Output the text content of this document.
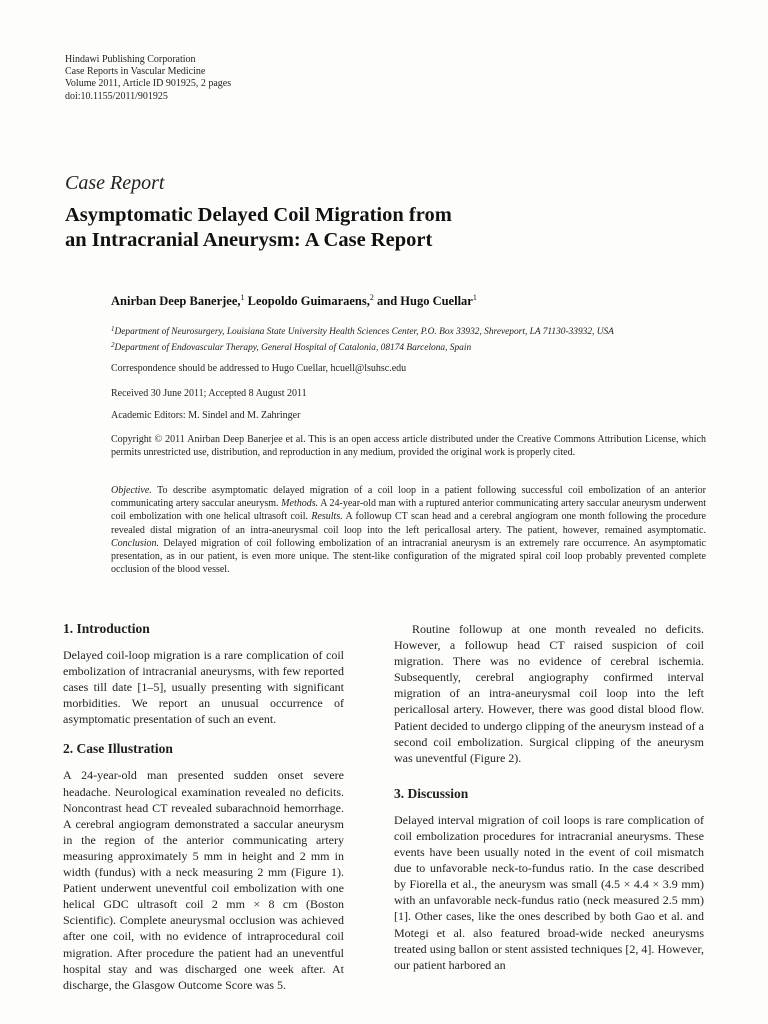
Hindawi Publishing Corporation
Case Reports in Vascular Medicine
Volume 2011, Article ID 901925, 2 pages
doi:10.1155/2011/901925
Case Report
Asymptomatic Delayed Coil Migration from
an Intracranial Aneurysm: A Case Report
Anirban Deep Banerjee,$^1$ Leopoldo Guimaraens,$^2$ and Hugo Cuellar$^1$
$^1$Department of Neurosurgery, Louisiana State University Health Sciences Center, P.O. Box 33932, Shreveport, LA 71130-33932, USA
$^2$Department of Endovascular Therapy, General Hospital of Catalonia, 08174 Barcelona, Spain
Correspondence should be addressed to Hugo Cuellar, hcuell@lsuhsc.edu
Received 30 June 2011; Accepted 8 August 2011
Academic Editors: M. Sindel and M. Zahringer
Copyright © 2011 Anirban Deep Banerjee et al. This is an open access article distributed under the Creative Commons Attribution License, which permits unrestricted use, distribution, and reproduction in any medium, provided the original work is properly cited.
Objective. To describe asymptomatic delayed migration of a coil loop in a patient following successful coil embolization of an anterior communicating artery saccular aneurysm. Methods. A 24-year-old man with a ruptured anterior communicating artery saccular aneurysm underwent coil embolization with one helical ultrasoft coil. Results. A followup CT scan head and a cerebral angiogram one month following the procedure revealed distal migration of an intra-aneurysmal coil loop into the left pericallosal artery. The patient, however, remained asymptomatic. Conclusion. Delayed migration of coil following embolization of an intracranial aneurysm is an extremely rare occurrence. An asymptomatic presentation, as in our patient, is even more unique. The stent-like configuration of the migrated spiral coil loop probably prevented complete occlusion of the blood vessel.
1. Introduction

Delayed coil-loop migration is a rare complication of coil embolization of intracranial aneurysms, with few reported cases till date [1–5], usually presenting with significant morbidities. We report an unusual occurrence of asymptomatic presentation of such an event.

2. Case Illustration

A 24-year-old man presented sudden onset severe headache. Neurological examination revealed no deficits. Noncontrast head CT revealed subarachnoid hemorrhage. A cerebral angiogram demonstrated a saccular aneurysm in the region of the anterior communicating artery measuring approximately 5 mm in height and 2 mm in width (fundus) with a neck measuring 2 mm (Figure 1). Patient underwent uneventful coil embolization with one helical GDC ultrasoft coil 2 mm × 8 cm (Boston Scientific). Complete aneurysmal occlusion was achieved after one coil, with no evidence of intraprocedural coil migration. After procedure the patient had an uneventful hospital stay and was discharged one week after. At discharge, the Glasgow Outcome Score was 5.

Routine followup at one month revealed no deficits. However, a followup head CT raised suspicion of coil migration. There was no evidence of cerebral ischemia. Subsequently, cerebral angiography confirmed interval migration of an intra-aneurysmal coil loop into the left pericallosal artery. However, there was good distal blood flow. Patient decided to undergo clipping of the aneurysm instead of a second coil embolization. Surgical clipping of the aneurysm was uneventful (Figure 2).

3. Discussion

Delayed interval migration of coil loops is rare complication of coil embolization procedures for intracranial aneurysms. These events have been usually noted in the event of coil mismatch due to unfavorable neck-to-fundus ratio. In the case described by Fiorella et al., the aneurysm was small (4.5 × 4.4 × 3.9 mm) with an unfavorable neck-fundus ratio (neck measured 2.5 mm) [1]. Other cases, like the ones described by both Gao et al. and Motegi et al. also featured broad-wide necked aneurysms treated using ballon or stent assisted techniques [2, 4]. However, our patient harbored an
